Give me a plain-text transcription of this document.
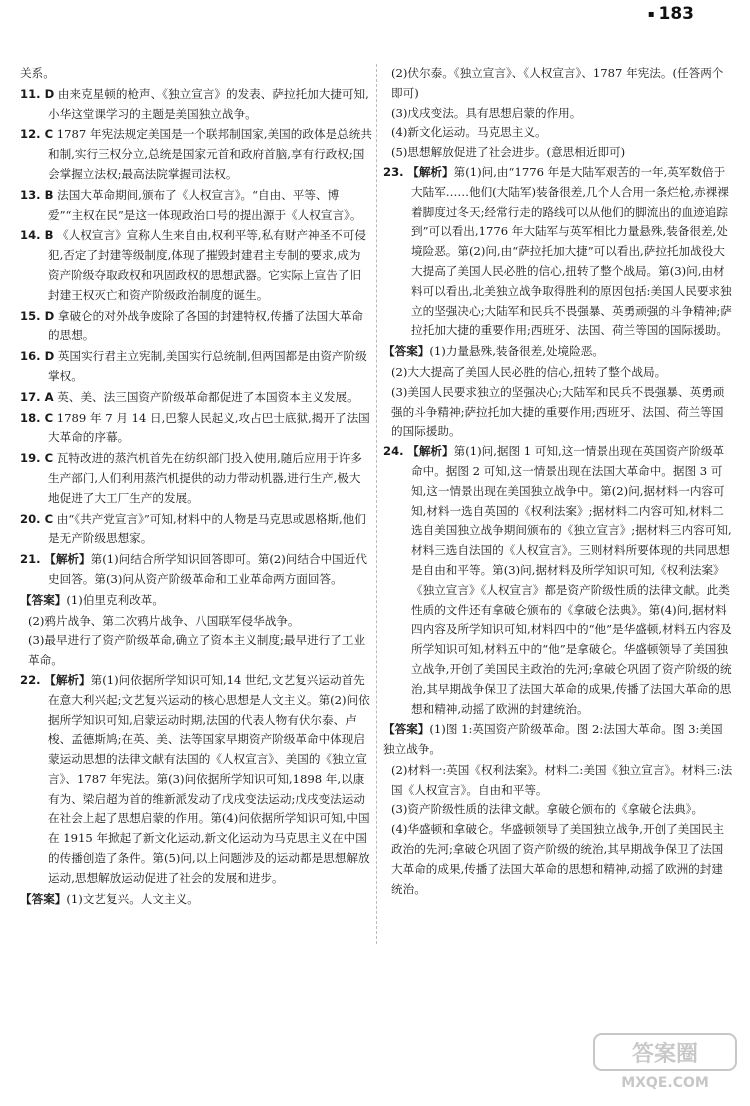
▪ 183

关系。

11. D 由来克星顿的枪声、《独立宣言》的发表、萨拉托加大捷可知,小华这堂课学习的主题是美国独立战争。

12. C 1787 年宪法规定美国是一个联邦制国家,美国的政体是总统共和制,实行三权分立,总统是国家元首和政府首脑,享有行政权;国会掌握立法权;最高法院掌握司法权。

13. B 法国大革命期间,颁布了《人权宣言》。“自由、平等、博爱”“主权在民”是这一体现政治口号的提出源于《人权宣言》。

14. B 《人权宣言》宣称人生来自由,权利平等,私有财产神圣不可侵犯,否定了封建等级制度,体现了摧毁封建君主专制的要求,成为资产阶级夺取政权和巩固政权的思想武器。它实际上宣告了旧封建王权灭亡和资产阶级政治制度的诞生。

15. D 拿破仑的对外战争废除了各国的封建特权,传播了法国大革命的思想。

16. D 英国实行君主立宪制,美国实行总统制,但两国都是由资产阶级掌权。

17. A 英、美、法三国资产阶级革命都促进了本国资本主义发展。

18. C 1789 年 7 月 14 日,巴黎人民起义,攻占巴士底狱,揭开了法国大革命的序幕。

19. C 瓦特改进的蒸汽机首先在纺织部门投入使用,随后应用于许多生产部门,人们利用蒸汽机提供的动力带动机器,进行生产,极大地促进了大工厂生产的发展。

20. C 由“《共产党宣言》”可知,材料中的人物是马克思或恩格斯,他们是无产阶级思想家。

21. 【解析】第(1)问结合所学知识回答即可。第(2)问结合中国近代史回答。第(3)问从资产阶级革命和工业革命两方面回答。

【答案】(1)伯里克利改革。

(2)鸦片战争、第二次鸦片战争、八国联军侵华战争。

(3)最早进行了资产阶级革命,确立了资本主义制度;最早进行了工业革命。

22. 【解析】第(1)问依据所学知识可知,14 世纪,文艺复兴运动首先在意大利兴起;文艺复兴运动的核心思想是人文主义。第(2)问依据所学知识可知,启蒙运动时期,法国的代表人物有伏尔泰、卢梭、孟德斯鸠;在英、美、法等国家早期资产阶级革命中体现启蒙运动思想的法律文献有法国的《人权宣言》、美国的《独立宣言》、1787 年宪法。第(3)问依据所学知识可知,1898 年,以康有为、梁启超为首的维新派发动了戊戌变法运动;戊戌变法运动在社会上起了思想启蒙的作用。第(4)问依据所学知识可知,中国在 1915 年掀起了新文化运动,新文化运动为马克思主义在中国的传播创造了条件。第(5)问,以上问题涉及的运动都是思想解放运动,思想解放运动促进了社会的发展和进步。

【答案】(1)文艺复兴。人文主义。

(2)伏尔泰。《独立宣言》、《人权宣言》、1787 年宪法。(任答两个即可)

(3)戊戌变法。具有思想启蒙的作用。

(4)新文化运动。马克思主义。

(5)思想解放促进了社会进步。(意思相近即可)

23. 【解析】第(1)问,由“1776 年是大陆军艰苦的一年,英军数倍于大陆军……他们(大陆军)装备很差,几个人合用一条烂枪,赤裸裸着脚度过冬天;经常行走的路线可以从他们的脚流出的血迹追踪到”可以看出,1776 年大陆军与英军相比力量悬殊,装备很差,处境险恶。第(2)问,由“萨拉托加大捷”可以看出,萨拉托加战役大大提高了美国人民必胜的信心,扭转了整个战局。第(3)问,由材料可以看出,北美独立战争取得胜利的原因包括:美国人民要求独立的坚强决心;大陆军和民兵不畏强暴、英勇顽强的斗争精神;萨拉托加大捷的重要作用;西班牙、法国、荷兰等国的国际援助。

【答案】(1)力量悬殊,装备很差,处境险恶。

(2)大大提高了美国人民必胜的信心,扭转了整个战局。

(3)美国人民要求独立的坚强决心;大陆军和民兵不畏强暴、英勇顽强的斗争精神;萨拉托加大捷的重要作用;西班牙、法国、荷兰等国的国际援助。

24. 【解析】第(1)问,据图 1 可知,这一情景出现在英国资产阶级革命中。据图 2 可知,这一情景出现在法国大革命中。据图 3 可知,这一情景出现在美国独立战争中。第(2)问,据材料一内容可知,材料一选自英国的《权利法案》;据材料二内容可知,材料二选自美国独立战争期间颁布的《独立宣言》;据材料三内容可知,材料三选自法国的《人权宣言》。三则材料所要体现的共同思想是自由和平等。第(3)问,据材料及所学知识可知,《权利法案》《独立宣言》《人权宣言》都是资产阶级性质的法律文献。此类性质的文件还有拿破仑颁布的《拿破仑法典》。第(4)问,据材料四内容及所学知识可知,材料四中的“他”是华盛顿,材料五内容及所学知识可知,材料五中的“他”是拿破仑。华盛顿领导了美国独立战争,开创了美国民主政治的先河;拿破仑巩固了资产阶级的统治,其早期战争保卫了法国大革命的成果,传播了法国大革命的思想和精神,动摇了欧洲的封建统治。

【答案】(1)图 1:英国资产阶级革命。图 2:法国大革命。图 3:美国独立战争。

(2)材料一:英国《权利法案》。材料二:美国《独立宣言》。材料三:法国《人权宣言》。自由和平等。

(3)资产阶级性质的法律文献。拿破仑颁布的《拿破仑法典》。

(4)华盛顿和拿破仑。华盛顿领导了美国独立战争,开创了美国民主政治的先河;拿破仑巩固了资产阶级的统治,其早期战争保卫了法国大革命的成果,传播了法国大革命的思想和精神,动摇了欧洲的封建统治。

答案圈
MXQE.COM
